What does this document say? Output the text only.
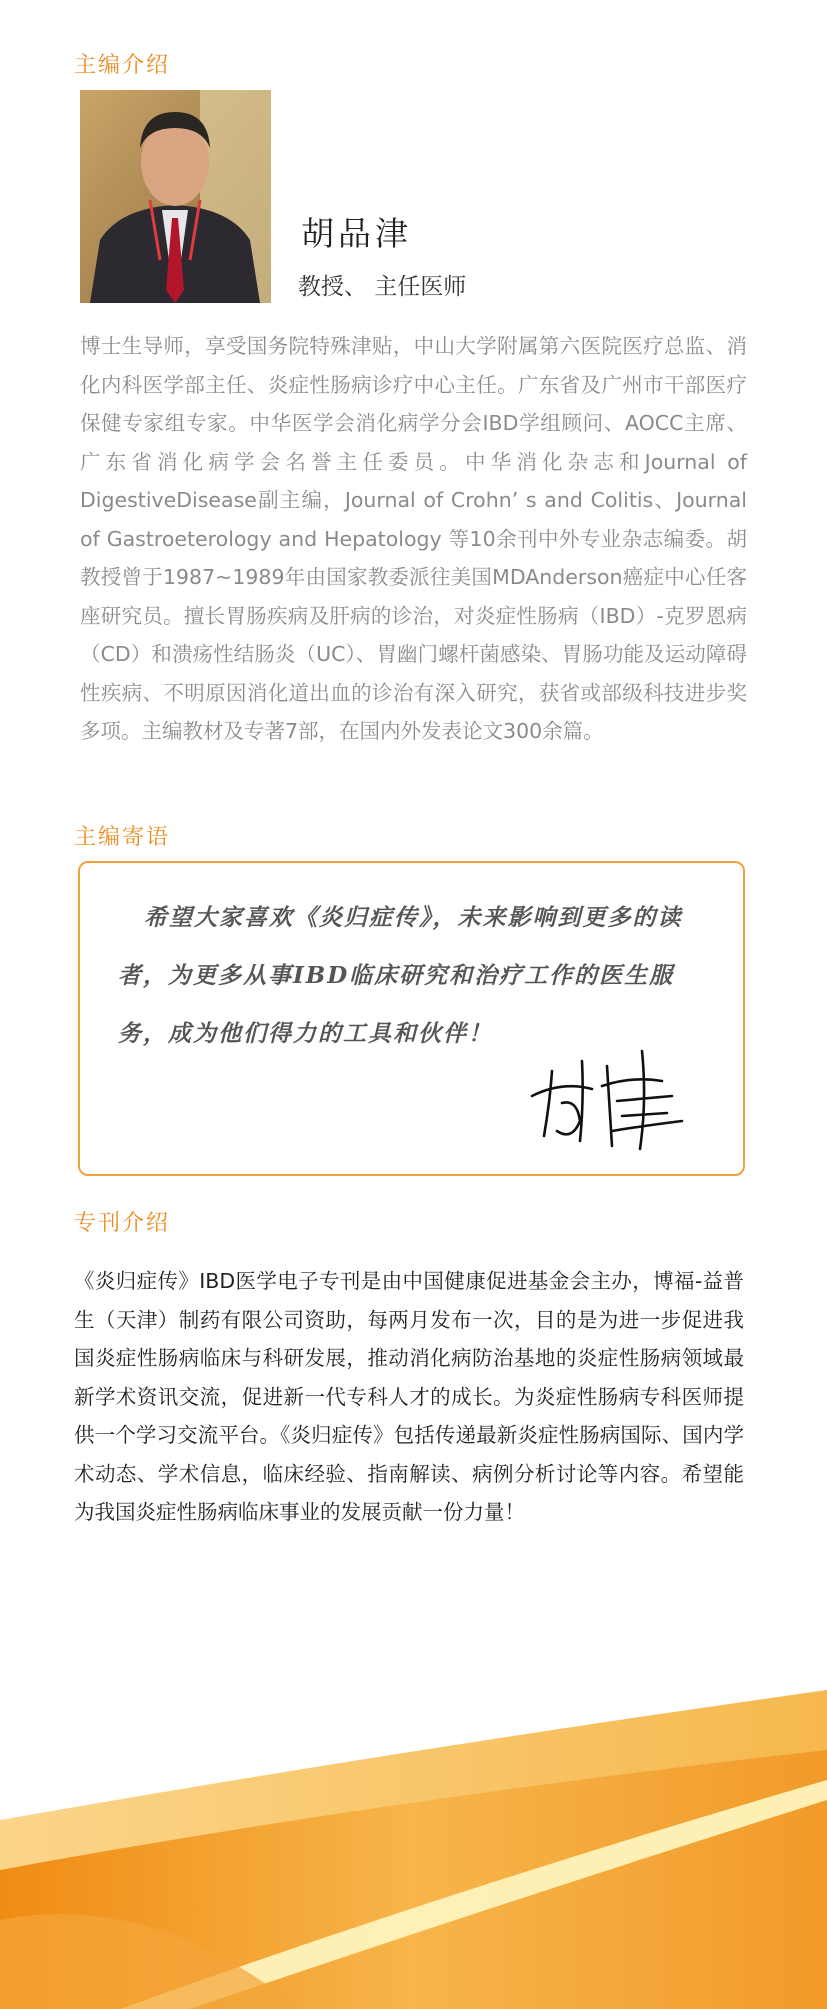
主编介绍
胡品津
教授、 主任医师

博士生导师，享受国务院特殊津贴，中山大学附属第六医院医疗总监、消化内科医学部主任、炎症性肠病诊疗中心主任。广东省及广州市干部医疗保健专家组专家。中华医学会消化病学分会IBD学组顾问、AOCC主席、广东省消化病学会名誉主任委员。中华消化杂志和Journal of DigestiveDisease副主编，Journal of Crohn’ s and Colitis、Journal of Gastroeterology and Hepatology 等10余刊中外专业杂志编委。胡教授曾于1987~1989年由国家教委派往美国MDAnderson癌症中心任客座研究员。擅长胃肠疾病及肝病的诊治，对炎症性肠病（IBD）-克罗恩病（CD）和溃疡性结肠炎（UC）、胃幽门螺杆菌感染、胃肠功能及运动障碍性疾病、不明原因消化道出血的诊治有深入研究，获省或部级科技进步奖多项。主编教材及专著7部，在国内外发表论文300余篇。

主编寄语

希望大家喜欢《炎归症传》，未来影响到更多的读者，为更多从事IBD临床研究和治疗工作的医生服务，成为他们得力的工具和伙伴！

专刊介绍

《炎归症传》IBD医学电子专刊是由中国健康促进基金会主办，博福-益普生（天津）制药有限公司资助，每两月发布一次，目的是为进一步促进我国炎症性肠病临床与科研发展，推动消化病防治基地的炎症性肠病领域最新学术资讯交流，促进新一代专科人才的成长。为炎症性肠病专科医师提供一个学习交流平台。《炎归症传》包括传递最新炎症性肠病国际、国内学术动态、学术信息，临床经验、指南解读、病例分析讨论等内容。希望能为我国炎症性肠病临床事业的发展贡献一份力量！
